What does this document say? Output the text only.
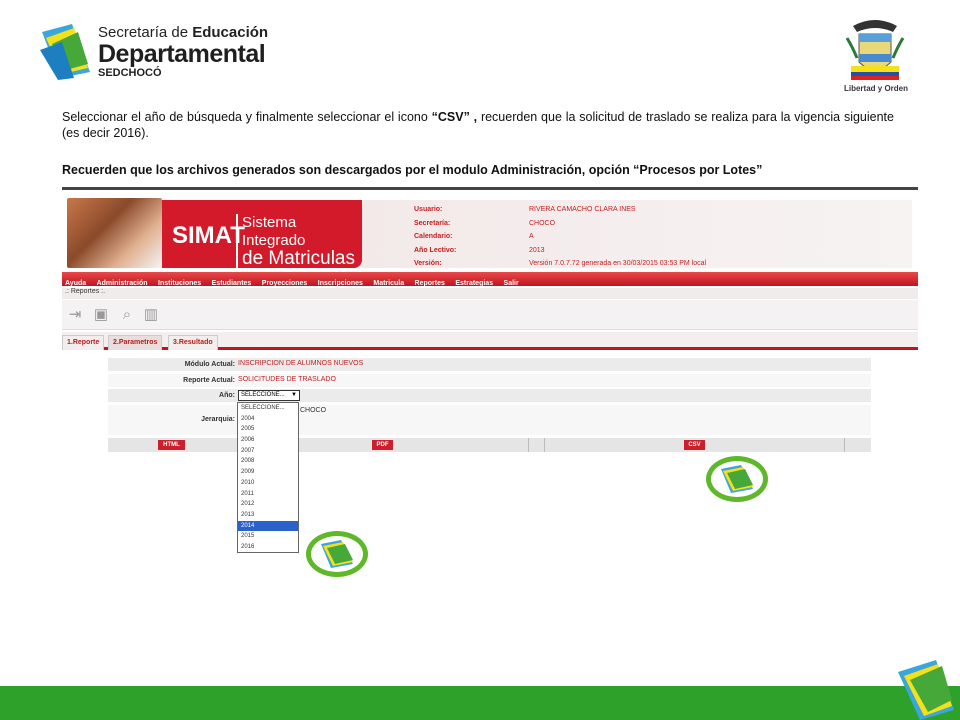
Secretaría de Educación
Departamental
SEDCHOCÓ
Libertad y Orden
Seleccionar el año de búsqueda y finalmente seleccionar el icono “CSV” , recuerden que la solicitud de traslado se realiza para la vigencia siguiente (es decir 2016).
Recuerden que los archivos generados son descargados por el modulo Administración, opción “Procesos por Lotes”
SIMAT
Sistema Integrado
de Matriculas
Usuario:	RIVERA CAMACHO CLARA INES
Secretaría:	CHOCO
Calendario:	A
Año Lectivo:	2013
Versión:	Versión 7.0.7.72 generada en 30/03/2015 03:53 PM local
Ayuda Administración Instituciones Estudiantes Proyecciones Inscripciones Matricula Reportes Estrategias Salir
.: Reportes :.
⇥ ▣ ⌕ ▥
1.Reporte	2.Parametros	3.Resultado
Módulo Actual: INSCRIPCION DE ALUMNOS NUEVOS
Reporte Actual: SOLICITUDES DE TRASLADO
Año:	SELECCIONE... ▼
Jerarquia:
CHOCO
HTML	PDF	CSV
SELECCIONE...
2004
2005
2006
2007
2008
2009
2010
2011
2012
2013
2014
2015
2016
